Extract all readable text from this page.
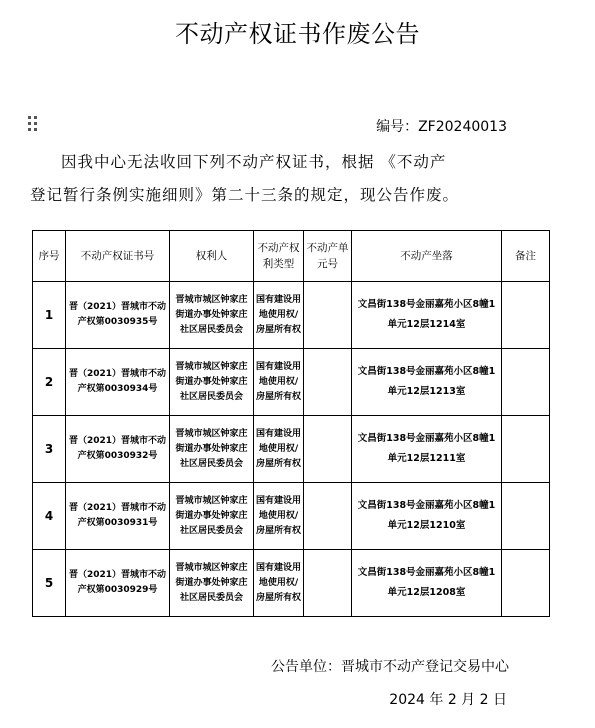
不动产权证书作废公告
编号：ZF20240013
因我中心无法收回下列不动产权证书，根据 《不动产
登记暂行条例实施细则》第二十三条的规定，现公告作废。
序号	不动产权证书号	权利人	不动产权利类型	不动产单元号	不动产坐落	备注
1	晋（2021）晋城市不动产权第0030935号	晋城市城区钟家庄街道办事处钟家庄社区居民委员会	国有建设用地使用权/房屋所有权		文昌街138号金丽嘉苑小区8幢1单元12层1214室	
2	晋（2021）晋城市不动产权第0030934号	晋城市城区钟家庄街道办事处钟家庄社区居民委员会	国有建设用地使用权/房屋所有权		文昌街138号金丽嘉苑小区8幢1单元12层1213室	
3	晋（2021）晋城市不动产权第0030932号	晋城市城区钟家庄街道办事处钟家庄社区居民委员会	国有建设用地使用权/房屋所有权		文昌街138号金丽嘉苑小区8幢1单元12层1211室	
4	晋（2021）晋城市不动产权第0030931号	晋城市城区钟家庄街道办事处钟家庄社区居民委员会	国有建设用地使用权/房屋所有权		文昌街138号金丽嘉苑小区8幢1单元12层1210室	
5	晋（2021）晋城市不动产权第0030929号	晋城市城区钟家庄街道办事处钟家庄社区居民委员会	国有建设用地使用权/房屋所有权		文昌街138号金丽嘉苑小区8幢1单元12层1208室	
公告单位：晋城市不动产登记交易中心
2024 年 2 月 2 日
